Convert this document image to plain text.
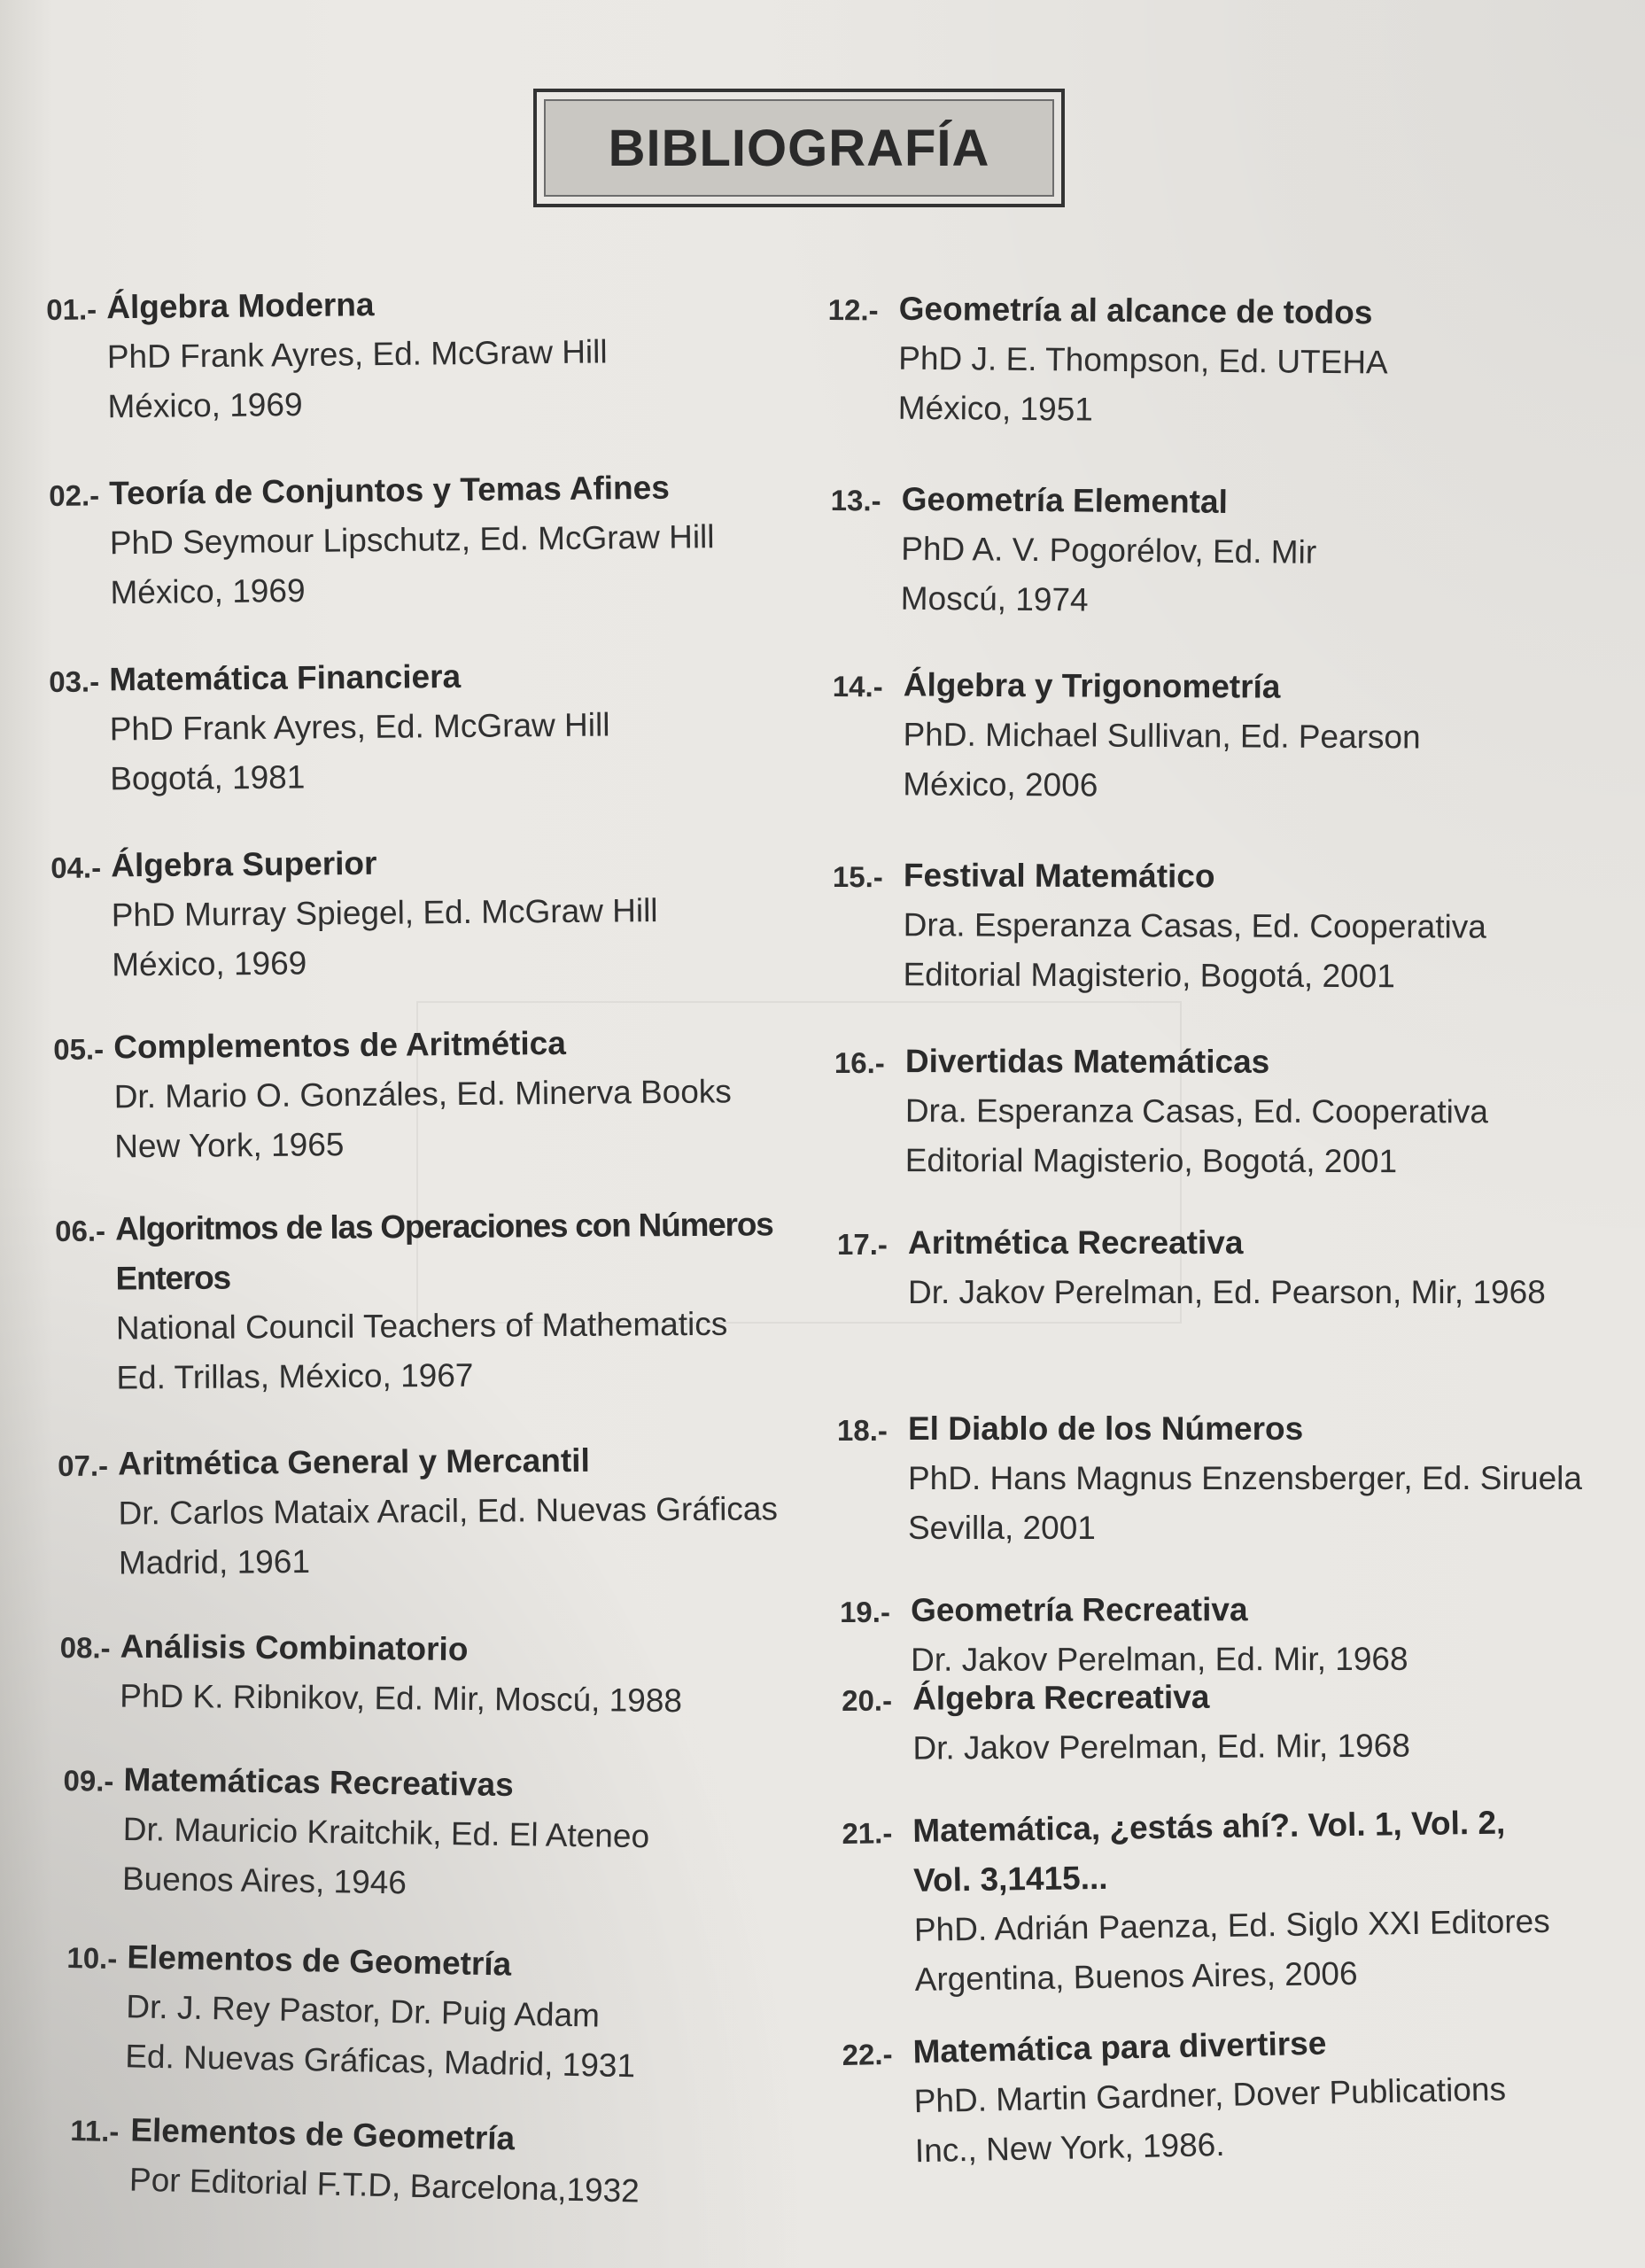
BIBLIOGRAFÍA
01.- Álgebra Moderna
PhD Frank Ayres, Ed. McGraw Hill
México, 1969
02.- Teoría de Conjuntos y Temas Afines
PhD Seymour Lipschutz, Ed. McGraw Hill
México, 1969
03.- Matemática Financiera
PhD Frank Ayres, Ed. McGraw Hill
Bogotá, 1981
04.- Álgebra Superior
PhD Murray Spiegel, Ed. McGraw Hill
México, 1969
05.- Complementos de Aritmética
Dr. Mario O. Gonzáles, Ed. Minerva Books
New York, 1965
06.- Algoritmos de las Operaciones con Números
Enteros
National Council Teachers of Mathematics
Ed. Trillas, México, 1967
07.- Aritmética General y Mercantil
Dr. Carlos Mataix Aracil, Ed. Nuevas Gráficas
Madrid, 1961
08.- Análisis Combinatorio
PhD K. Ribnikov, Ed. Mir, Moscú, 1988
09.- Matemáticas Recreativas
Dr. Mauricio Kraitchik, Ed. El Ateneo
Buenos Aires, 1946
10.- Elementos de Geometría
Dr. J. Rey Pastor, Dr. Puig Adam
Ed. Nuevas Gráficas, Madrid, 1931
11.- Elementos de Geometría
Por Editorial F.T.D, Barcelona,1932
12.- Geometría al alcance de todos
PhD J. E. Thompson, Ed. UTEHA
México, 1951
13.- Geometría Elemental
PhD A. V. Pogorélov, Ed. Mir
Moscú, 1974
14.- Álgebra y Trigonometría
PhD. Michael Sullivan, Ed. Pearson
México, 2006
15.- Festival Matemático
Dra. Esperanza Casas, Ed. Cooperativa
Editorial Magisterio, Bogotá, 2001
16.- Divertidas Matemáticas
Dra. Esperanza Casas, Ed. Cooperativa
Editorial Magisterio, Bogotá, 2001
17.- Aritmética Recreativa
Dr. Jakov Perelman, Ed. Pearson, Mir, 1968
18.- El Diablo de los Números
PhD. Hans Magnus Enzensberger, Ed. Siruela
Sevilla, 2001
19.- Geometría Recreativa
Dr. Jakov Perelman, Ed. Mir, 1968
20.- Álgebra Recreativa
Dr. Jakov Perelman, Ed. Mir, 1968
21.- Matemática, ¿estás ahí?. Vol. 1, Vol. 2,
Vol. 3,1415...
PhD. Adrián Paenza, Ed. Siglo XXI Editores
Argentina, Buenos Aires, 2006
22.- Matemática para divertirse
PhD. Martin Gardner, Dover Publications
Inc., New York, 1986.
